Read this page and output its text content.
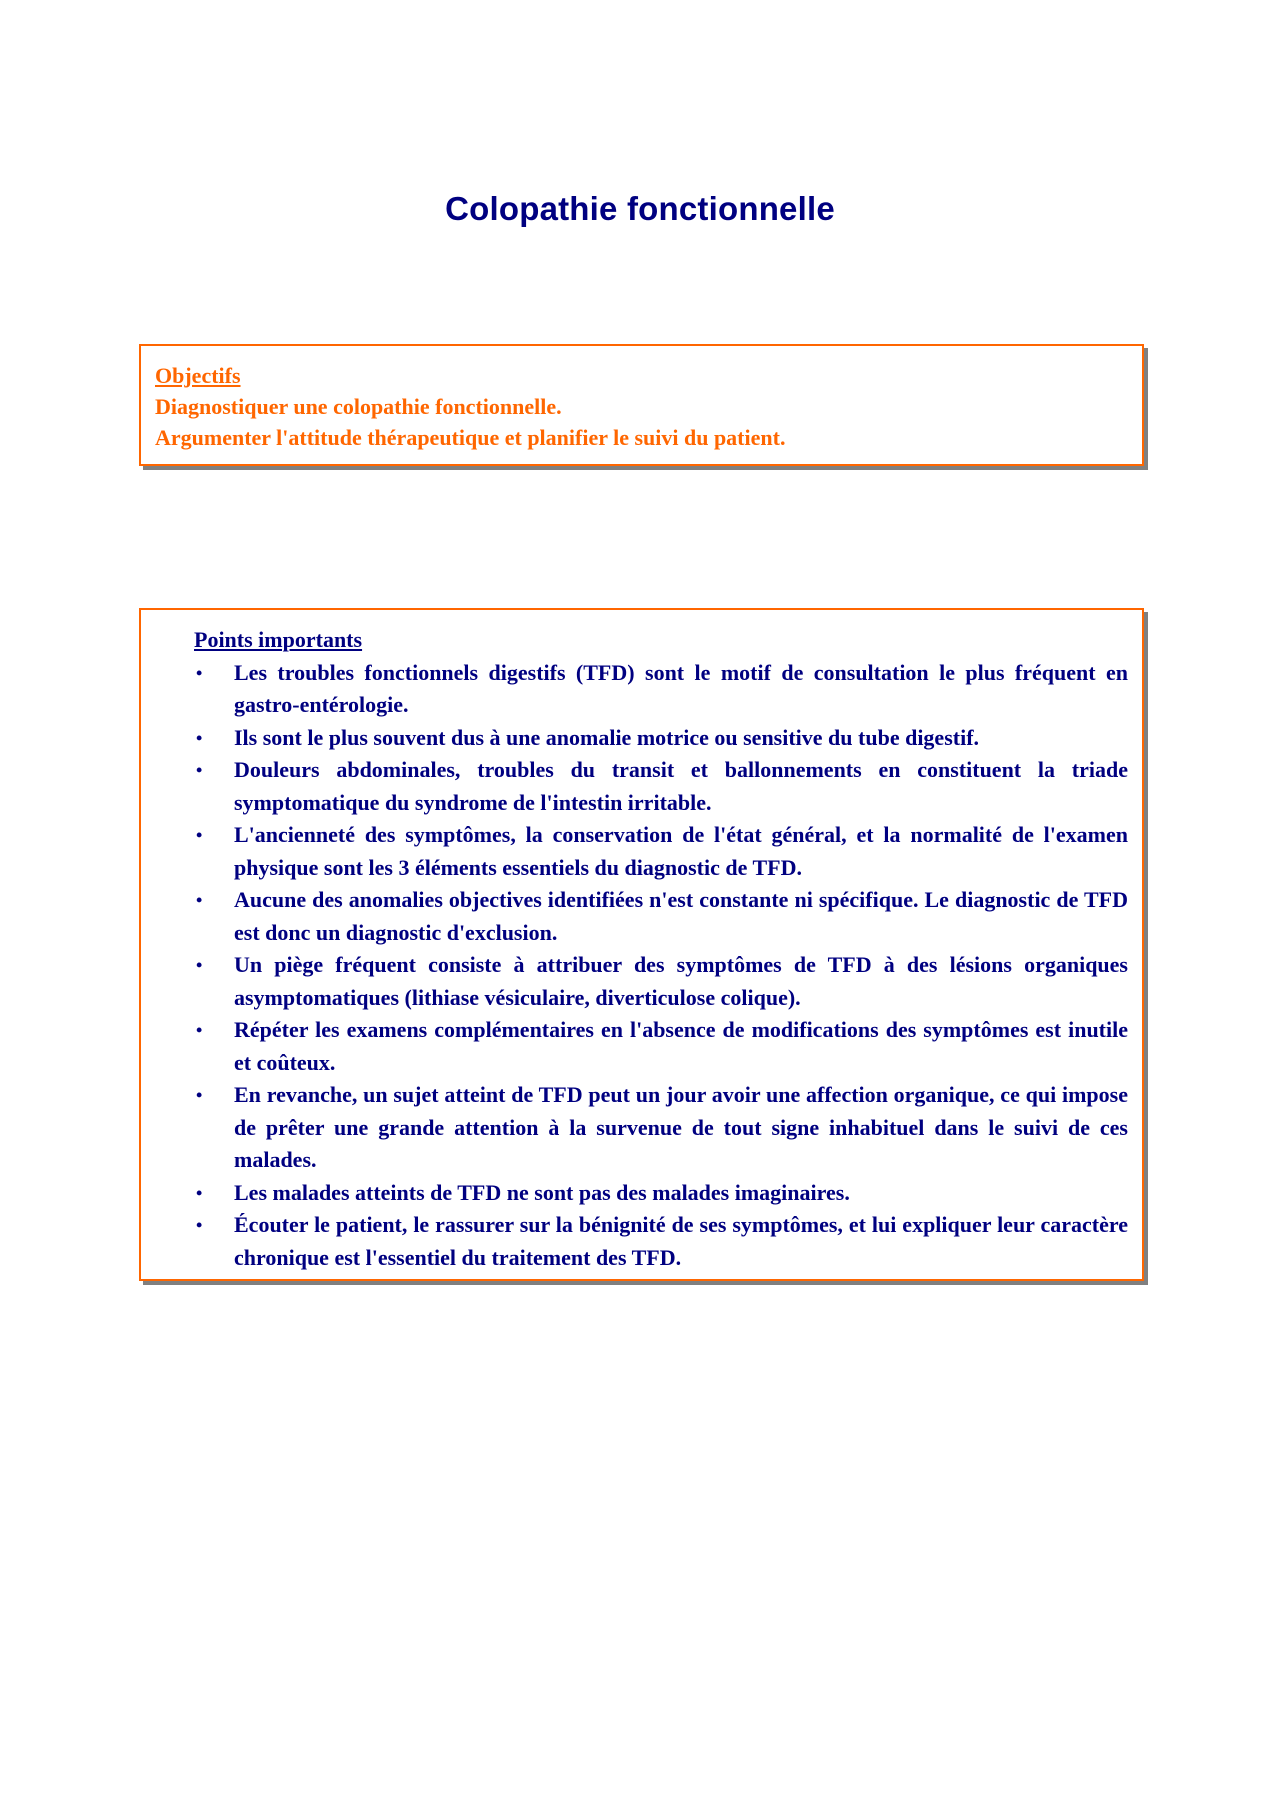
Colopathie fonctionnelle
Objectifs
Diagnostiquer une colopathie fonctionnelle.
Argumenter l'attitude thérapeutique et planifier le suivi du patient.
Points importants
• Les troubles fonctionnels digestifs (TFD) sont le motif de consultation le plus fréquent en gastro-entérologie.
• Ils sont le plus souvent dus à une anomalie motrice ou sensitive du tube digestif.
• Douleurs abdominales, troubles du transit et ballonnements en constituent la triade symptomatique du syndrome de l'intestin irritable.
• L'ancienneté des symptômes, la conservation de l'état général, et la normalité de l'examen physique sont les 3 éléments essentiels du diagnostic de TFD.
• Aucune des anomalies objectives identifiées n'est constante ni spécifique. Le diagnostic de TFD est donc un diagnostic d'exclusion.
• Un piège fréquent consiste à attribuer des symptômes de TFD à des lésions organiques asymptomatiques (lithiase vésiculaire, diverticulose colique).
• Répéter les examens complémentaires en l'absence de modifications des symptômes est inutile et coûteux.
• En revanche, un sujet atteint de TFD peut un jour avoir une affection organique, ce qui impose de prêter une grande attention à la survenue de tout signe inhabituel dans le suivi de ces malades.
• Les malades atteints de TFD ne sont pas des malades imaginaires.
• Écouter le patient, le rassurer sur la bénignité de ses symptômes, et lui expliquer leur caractère chronique est l'essentiel du traitement des TFD.
